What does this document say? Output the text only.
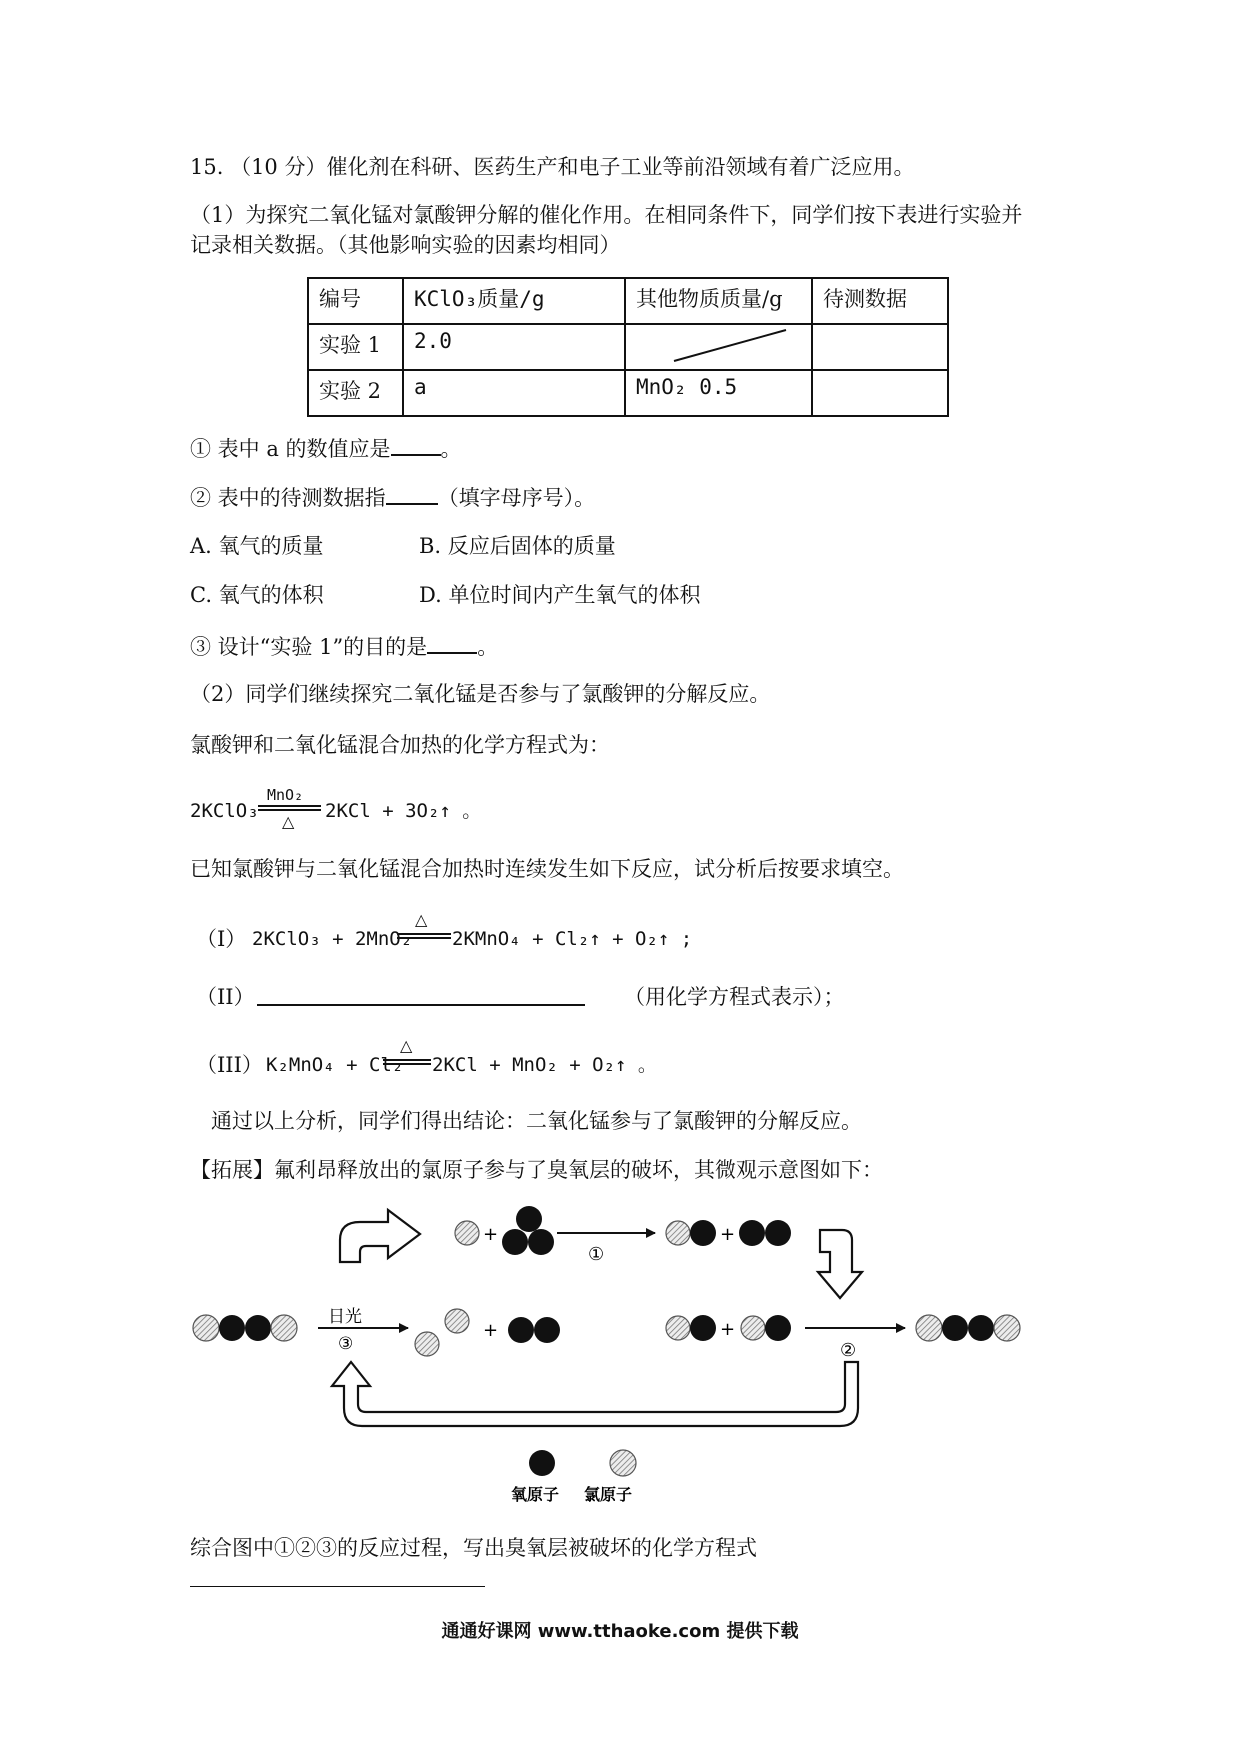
15. （10 分）催化剂在科研、医药生产和电子工业等前沿领域有着广泛应用。
（1）为探究二氧化锰对氯酸钾分解的催化作用。在相同条件下，同学们按下表进行实验并
记录相关数据。（其他影响实验的因素均相同）
编号	KClO₃质量/g	其他物质质量/g	待测数据
实验 1	2.0	

实验 2	a	MnO₂ 0.5	
① 表中 a 的数值应是 。
② 表中的待测数据指 （填字母序号）。
A. 氧气的质量	B. 反应后固体的质量
C. 氧气的体积	D. 单位时间内产生氧气的体积
③ 设计“实验 1”的目的是 。
（2）同学们继续探究二氧化锰是否参与了氯酸钾的分解反应。
氯酸钾和二氧化锰混合加热的化学方程式为：
2KClO₃
MnO₂
△ 2KCl + 3O₂↑ 。
已知氯酸钾与二氧化锰混合加热时连续发生如下反应，试分析后按要求填空。
（I） 2KClO₃ + 2MnO₂
△
2KMnO₄ + Cl₂↑ + O₂↑ ;
（II）	（用化学方程式表示）；
（III） K₂MnO₄ + Cl₂
△
2KCl + MnO₂ + O₂↑ 。
通过以上分析，同学们得出结论：二氧化锰参与了氯酸钾的分解反应。
【拓展】氟利昂释放出的氯原子参与了臭氧层的破坏，其微观示意图如下：
+
①
+
日光
③
+	+
②
氧原子 氯原子
综合图中①②③的反应过程，写出臭氧层被破坏的化学方程式
通通好课网 www.tthaoke.com 提供下载
